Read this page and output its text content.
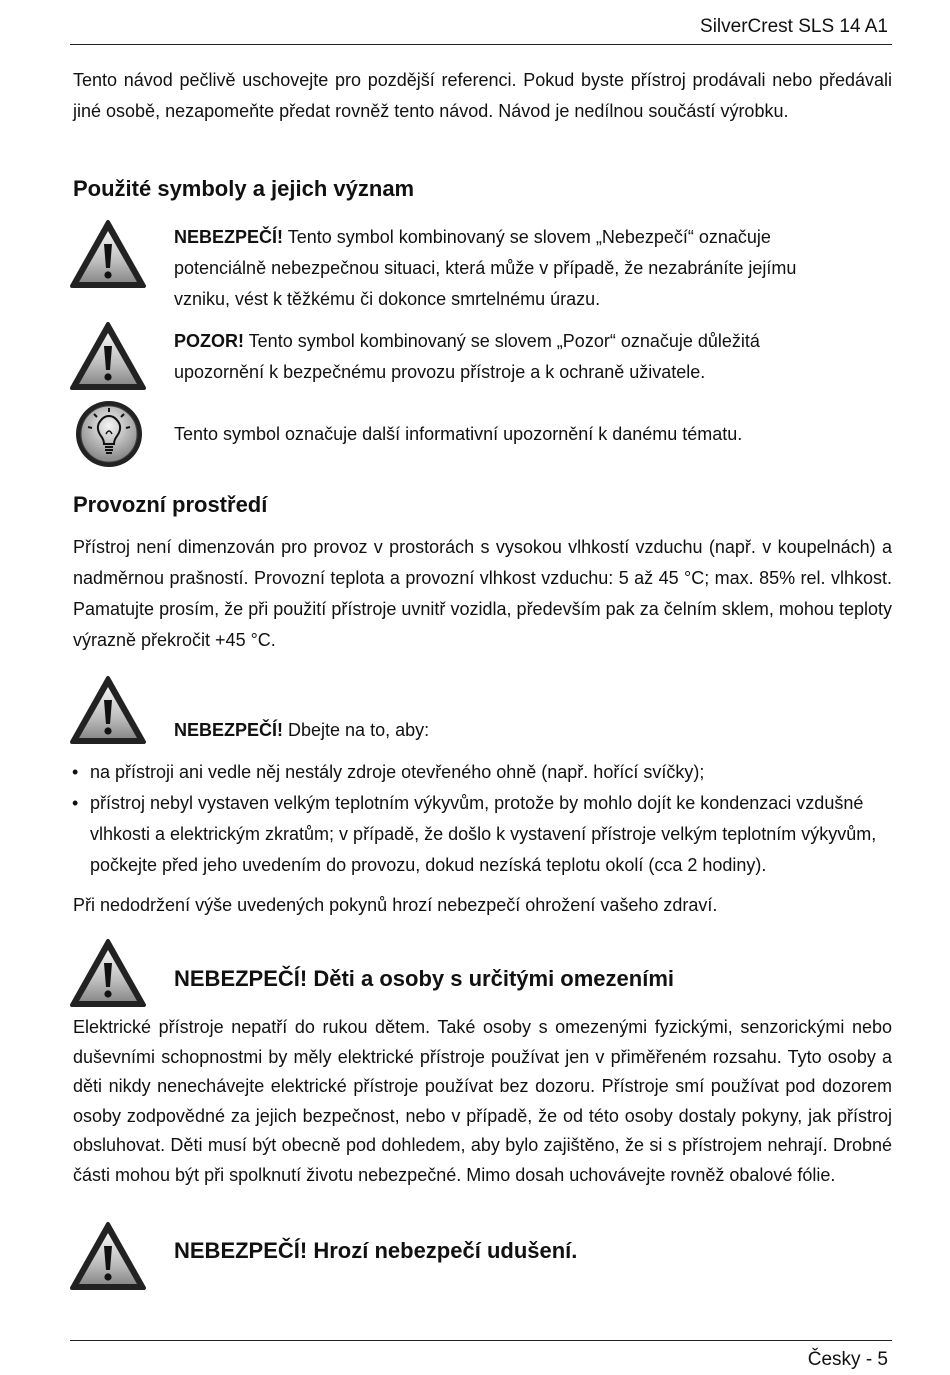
SilverCrest SLS 14 A1

Tento návod pečlivě uschovejte pro pozdější referenci. Pokud byste přístroj prodávali nebo předávali jiné osobě, nezapomeňte předat rovněž tento návod. Návod je nedílnou součástí výrobku.

Použité symboly a jejich význam

NEBEZPEČÍ! Tento symbol kombinovaný se slovem „Nebezpečí“ označuje potenciálně nebezpečnou situaci, která může v případě, že nezabráníte jejímu vzniku, vést k těžkému či dokonce smrtelnému úrazu.

POZOR! Tento symbol kombinovaný se slovem „Pozor“ označuje důležitá upozornění k bezpečnému provozu přístroje a k ochraně uživatele.

Tento symbol označuje další informativní upozornění k danému tématu.

Provozní prostředí

Přístroj není dimenzován pro provoz v prostorách s vysokou vlhkostí vzduchu (např. v koupelnách) a nadměrnou prašností. Provozní teplota a provozní vlhkost vzduchu: 5 až 45 °C; max. 85% rel. vlhkost. Pamatujte prosím, že při použití přístroje uvnitř vozidla, především pak za čelním sklem, mohou teploty výrazně překročit +45 °C.

NEBEZPEČÍ! Dbejte na to, aby:

• na přístroji ani vedle něj nestály zdroje otevřeného ohně (např. hořící svíčky);

• přístroj nebyl vystaven velkým teplotním výkyvům, protože by mohlo dojít ke kondenzaci vzdušné vlhkosti a elektrickým zkratům; v případě, že došlo k vystavení přístroje velkým teplotním výkyvům, počkejte před jeho uvedením do provozu, dokud nezíská teplotu okolí (cca 2 hodiny).

Při nedodržení výše uvedených pokynů hrozí nebezpečí ohrožení vašeho zdraví.

NEBEZPEČÍ! Děti a osoby s určitými omezeními

Elektrické přístroje nepatří do rukou dětem. Také osoby s omezenými fyzickými, senzorickými nebo duševními schopnostmi by měly elektrické přístroje používat jen v přiměřeném rozsahu. Tyto osoby a děti nikdy nenechávejte elektrické přístroje používat bez dozoru. Přístroje smí používat pod dozorem osoby zodpovědné za jejich bezpečnost, nebo v případě, že od této osoby dostaly pokyny, jak přístroj obsluhovat. Děti musí být obecně pod dohledem, aby bylo zajištěno, že si s přístrojem nehrají. Drobné části mohou být při spolknutí životu nebezpečné. Mimo dosah uchovávejte rovněž obalové fólie.

NEBEZPEČÍ! Hrozí nebezpečí udušení.
Česky - 5
